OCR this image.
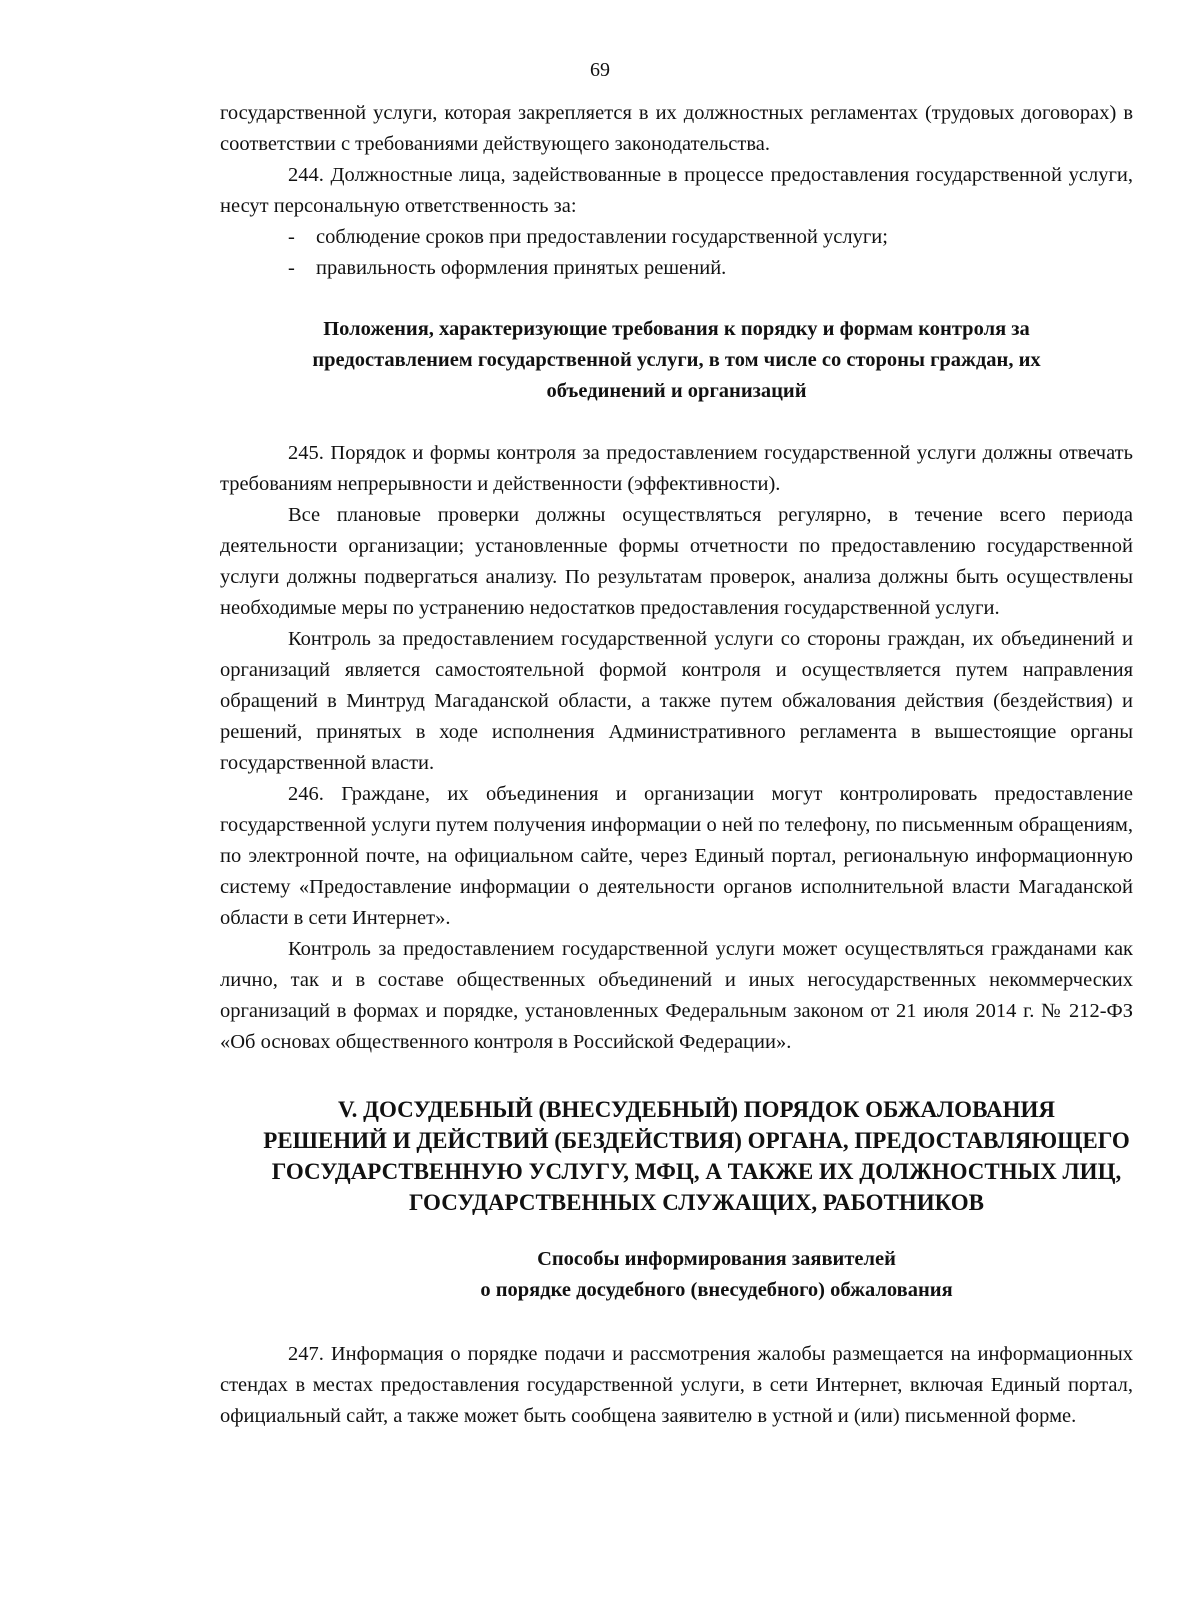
69

государственной услуги, которая закрепляется в их должностных регламентах (трудовых договорах) в соответствии с требованиями действующего законодательства.

244. Должностные лица, задействованные в процессе предоставления государственной услуги, несут персональную ответственность за:

-	соблюдение сроков при предоставлении государственной услуги;
-	правильность оформления принятых решений.
Положения, характеризующие требования к порядку и формам контроля за
предоставлением государственной услуги, в том числе со стороны граждан, их
объединений и организаций

245. Порядок и формы контроля за предоставлением государственной услуги должны отвечать требованиям непрерывности и действенности (эффективности).

Все плановые проверки должны осуществляться регулярно, в течение всего периода деятельности организации; установленные формы отчетности по предоставлению государственной услуги должны подвергаться анализу. По результатам проверок, анализа должны быть осуществлены необходимые меры по устранению недостатков предоставления государственной услуги.

Контроль за предоставлением государственной услуги со стороны граждан, их объединений и организаций является самостоятельной формой контроля и осуществляется путем направления обращений в Минтруд Магаданской области, а также путем обжалования действия (бездействия) и решений, принятых в ходе исполнения Административного регламента в вышестоящие органы государственной власти.

246. Граждане, их объединения и организации могут контролировать предоставление государственной услуги путем получения информации о ней по телефону, по письменным обращениям, по электронной почте, на официальном сайте, через Единый портал, региональную информационную систему «Предоставление информации о деятельности органов исполнительной власти Магаданской области в сети Интернет».

Контроль за предоставлением государственной услуги может осуществляться гражданами как лично, так и в составе общественных объединений и иных негосударственных некоммерческих организаций в формах и порядке, установленных Федеральным законом от 21 июля 2014 г. № 212-ФЗ «Об основах общественного контроля в Российской Федерации».

V. ДОСУДЕБНЫЙ (ВНЕСУДЕБНЫЙ) ПОРЯДОК ОБЖАЛОВАНИЯ
РЕШЕНИЙ И ДЕЙСТВИЙ (БЕЗДЕЙСТВИЯ) ОРГАНА, ПРЕДОСТАВЛЯЮЩЕГО
ГОСУДАРСТВЕННУЮ УСЛУГУ, МФЦ, А ТАКЖЕ ИХ ДОЛЖНОСТНЫХ ЛИЦ,
ГОСУДАРСТВЕННЫХ СЛУЖАЩИХ, РАБОТНИКОВ
Способы информирования заявителей
о порядке досудебного (внесудебного) обжалования

247. Информация о порядке подачи и рассмотрения жалобы размещается на информационных стендах в местах предоставления государственной услуги, в сети Интернет, включая Единый портал, официальный сайт, а также может быть сообщена заявителю в устной и (или) письменной форме.
